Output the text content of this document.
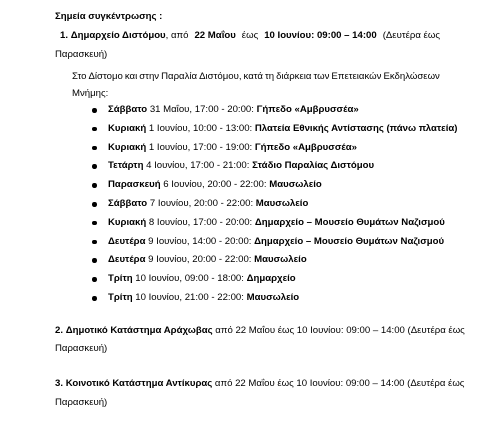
Σημεία συγκέντρωσης :
1. Δημαρχείο Διστόμου, από 22 Μαΐου έως 10 Ιουνίου: 09:00 – 14:00 (Δευτέρα έως
Παρασκευή)
Στο Δίστομο και στην Παραλία Διστόμου, κατά τη διάρκεια των Επετειακών Εκδηλώσεων
Μνήμης:
Σάββατο 31 Μαΐου, 17:00 - 20:00: Γήπεδο «Αμβρυσσέα»
Κυριακή 1 Ιουνίου, 10:00 - 13:00: Πλατεία Εθνικής Αντίστασης (πάνω πλατεία)
Κυριακή 1 Ιουνίου, 17:00 - 19:00: Γήπεδο «Αμβρυσσέα»
Τετάρτη 4 Ιουνίου, 17:00 - 21:00: Στάδιο Παραλίας Διστόμου
Παρασκευή 6 Ιουνίου, 20:00 - 22:00: Μαυσωλείο
Σάββατο 7 Ιουνίου, 20:00 - 22:00: Μαυσωλείο
Κυριακή 8 Ιουνίου, 17:00 - 20:00: Δημαρχείο – Μουσείο Θυμάτων Ναζισμού
Δευτέρα 9 Ιουνίου, 14:00 - 20:00: Δημαρχείο – Μουσείο Θυμάτων Ναζισμού
Δευτέρα 9 Ιουνίου, 20:00 - 22:00: Μαυσωλείο
Τρίτη 10 Ιουνίου, 09:00 - 18:00: Δημαρχείο
Τρίτη 10 Ιουνίου, 21:00 - 22:00: Μαυσωλείο
2. Δημοτικό Κατάστημα Αράχωβας από 22 Μαΐου έως 10 Ιουνίου: 09:00 – 14:00 (Δευτέρα έως
Παρασκευή)
3. Κοινοτικό Κατάστημα Αντίκυρας από 22 Μαΐου έως 10 Ιουνίου: 09:00 – 14:00 (Δευτέρα έως
Παρασκευή)
